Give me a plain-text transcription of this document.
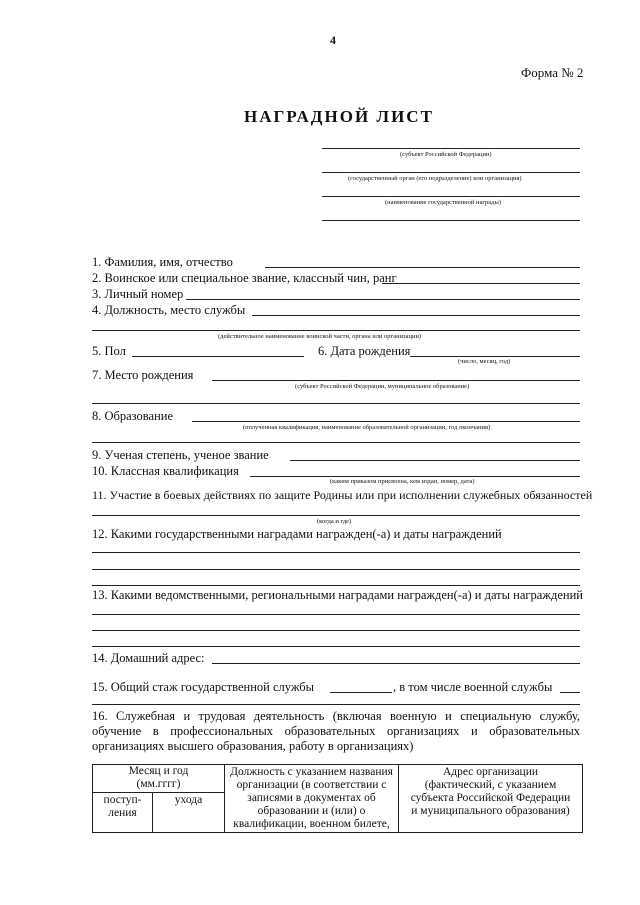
4
Форма № 2
НАГРАДНОЙ ЛИСТ
(субъект Российской Федерации)
(государственный орган (его подразделение) или организация)
(наименование государственной награды)
1. Фамилия, имя, отчество
2. Воинское или специальное звание, классный чин, ранг
3. Личный номер
4. Должность, место службы
(действительное наименование воинской части, органа или организации)
5. Пол	6. Дата рождения
(число, месяц, год)
7. Место рождения
(субъект Российской Федерации, муниципальное образование)
8. Образование
(полученная квалификация, наименование образовательной организации, год окончания)
9. Ученая степень, ученое звание
10. Классная квалификация
(каким приказом присвоена, кем издан, номер, дата)
11. Участие в боевых действиях по защите Родины или при исполнении служебных обязанностей
(когда и где)
12. Какими государственными наградами награжден(-а) и даты награждений
13. Какими ведомственными, региональными наградами награжден(-а) и даты награждений
14. Домашний адрес:
15. Общий стаж государственной службы	, в том числе военной службы
16. Служебная и трудовая деятельность (включая военную и специальную службу, обучение в профессиональных образовательных организациях и образовательных организациях высшего образования, работу в организациях)
Месяц и год (мм.гггг)		Должность с указанием названия организации (в соответствии с записями в документах об образовании и (или) о квалификации, военном билете,	Адрес организации (фактический, с указанием субъекта Российской Федерации и муниципального образования)
поступ-ления	ухода		
